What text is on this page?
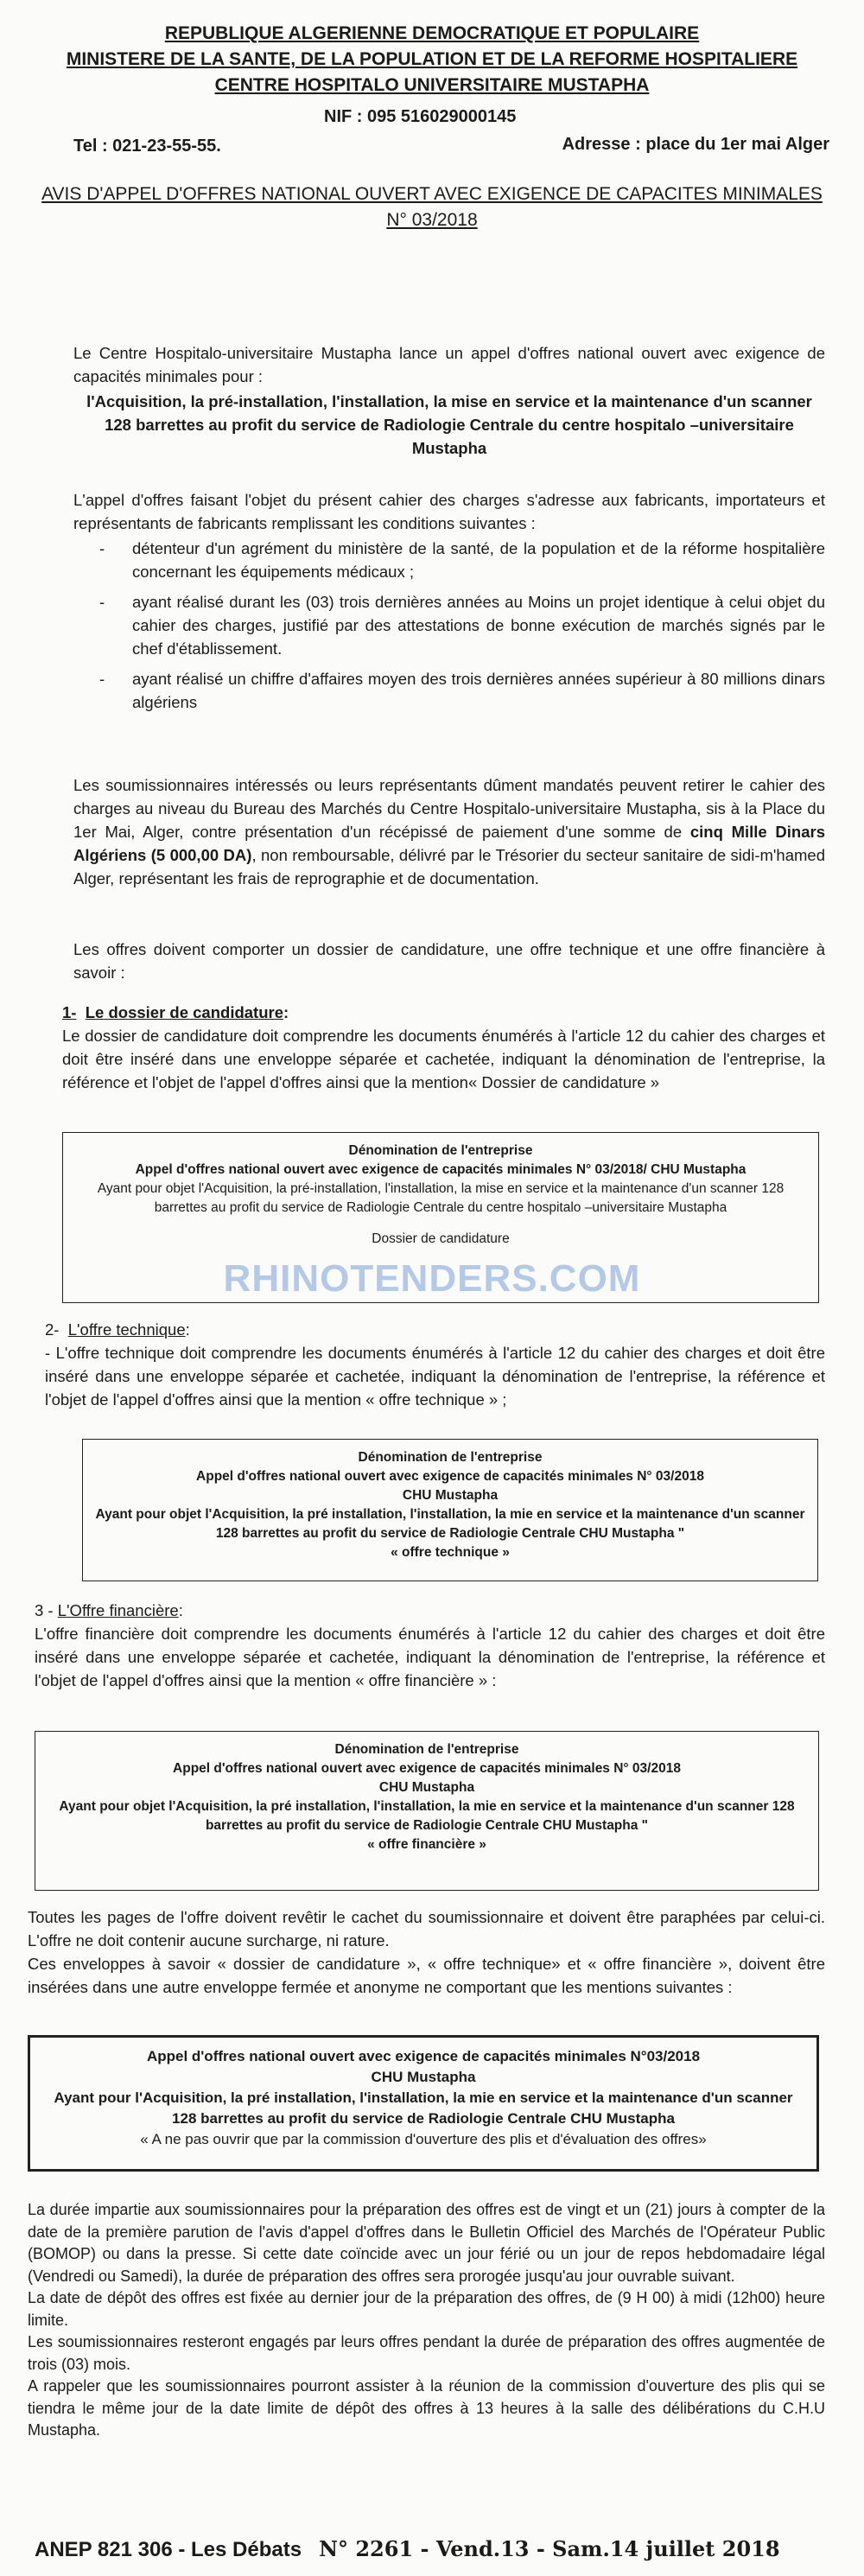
REPUBLIQUE ALGERIENNE DEMOCRATIQUE ET POPULAIRE
MINISTERE DE LA SANTE, DE LA POPULATION ET DE LA REFORME HOSPITALIERE
CENTRE HOSPITALO UNIVERSITAIRE MUSTAPHA
NIF : 095 516029000145
Tel : 021-23-55-55.	Adresse : place du 1er mai Alger
AVIS D'APPEL D'OFFRES NATIONAL OUVERT AVEC EXIGENCE DE CAPACITES MINIMALES
N° 03/2018
Le Centre Hospitalo-universitaire Mustapha lance un appel d'offres national ouvert avec exigence de capacités minimales pour :
l'Acquisition, la pré-installation, l'installation, la mise en service et la maintenance d'un scanner 128 barrettes au profit du service de Radiologie Centrale du centre hospitalo –universitaire Mustapha
L'appel d'offres faisant l'objet du présent cahier des charges s'adresse aux fabricants, importateurs et représentants de fabricants remplissant les conditions suivantes :
- détenteur d'un agrément du ministère de la santé, de la population et de la réforme hospitalière concernant les équipements médicaux ;
- ayant réalisé durant les (03) trois dernières années au Moins un projet identique à celui objet du cahier des charges, justifié par des attestations de bonne exécution de marchés signés par le chef d'établissement.
- ayant réalisé un chiffre d'affaires moyen des trois dernières années supérieur à 80 millions dinars algériens
Les soumissionnaires intéressés ou leurs représentants dûment mandatés peuvent retirer le cahier des charges au niveau du Bureau des Marchés du Centre Hospitalo-universitaire Mustapha, sis à la Place du 1er Mai, Alger, contre présentation d'un récépissé de paiement d'une somme de cinq Mille Dinars Algériens (5 000,00 DA), non remboursable, délivré par le Trésorier du secteur sanitaire de sidi-m'hamed Alger, représentant les frais de reprographie et de documentation.
Les offres doivent comporter un dossier de candidature, une offre technique et une offre financière à savoir :
1- Le dossier de candidature:
Le dossier de candidature doit comprendre les documents énumérés à l'article 12 du cahier des charges et doit être inséré dans une enveloppe séparée et cachetée, indiquant la dénomination de l'entreprise, la référence et l'objet de l'appel d'offres ainsi que la mention« Dossier de candidature »
Dénomination de l'entreprise
Appel d'offres national ouvert avec exigence de capacités minimales N° 03/2018/ CHU Mustapha
Ayant pour objet l'Acquisition, la pré-installation, l'installation, la mise en service et la maintenance d'un scanner 128 barrettes au profit du service de Radiologie Centrale du centre hospitalo –universitaire Mustapha
Dossier de candidature
2- L'offre technique:
- L'offre technique doit comprendre les documents énumérés à l'article 12 du cahier des charges et doit être inséré dans une enveloppe séparée et cachetée, indiquant la dénomination de l'entreprise, la référence et l'objet de l'appel d'offres ainsi que la mention « offre technique » ;
Dénomination de l'entreprise
Appel d'offres national ouvert avec exigence de capacités minimales N° 03/2018
CHU Mustapha
Ayant pour objet l'Acquisition, la pré installation, l'installation, la mie en service et la maintenance d'un scanner 128 barrettes au profit du service de Radiologie Centrale CHU Mustapha "
« offre technique »
3 - L'Offre financière:
L'offre financière doit comprendre les documents énumérés à l'article 12 du cahier des charges et doit être inséré dans une enveloppe séparée et cachetée, indiquant la dénomination de l'entreprise, la référence et l'objet de l'appel d'offres ainsi que la mention « offre financière » :
Dénomination de l'entreprise
Appel d'offres national ouvert avec exigence de capacités minimales N° 03/2018
CHU Mustapha
Ayant pour objet l'Acquisition, la pré installation, l'installation, la mie en service et la maintenance d'un scanner 128 barrettes au profit du service de Radiologie Centrale CHU Mustapha "
« offre financière »
Toutes les pages de l'offre doivent revêtir le cachet du soumissionnaire et doivent être paraphées par celui-ci. L'offre ne doit contenir aucune surcharge, ni rature.
Ces enveloppes à savoir « dossier de candidature », « offre technique» et « offre financière », doivent être insérées dans une autre enveloppe fermée et anonyme ne comportant que les mentions suivantes :
Appel d'offres national ouvert avec exigence de capacités minimales N°03/2018
CHU Mustapha
Ayant pour l'Acquisition, la pré installation, l'installation, la mie en service et la maintenance d'un scanner 128 barrettes au profit du service de Radiologie Centrale CHU Mustapha
« A ne pas ouvrir que par la commission d'ouverture des plis et d'évaluation des offres»
La durée impartie aux soumissionnaires pour la préparation des offres est de vingt et un (21) jours à compter de la date de la première parution de l'avis d'appel d'offres dans le Bulletin Officiel des Marchés de l'Opérateur Public (BOMOP) ou dans la presse. Si cette date coïncide avec un jour férié ou un jour de repos hebdomadaire légal (Vendredi ou Samedi), la durée de préparation des offres sera prorogée jusqu'au jour ouvrable suivant.
La date de dépôt des offres est fixée au dernier jour de la préparation des offres, de (9 H 00) à midi (12h00) heure limite.
Les soumissionnaires resteront engagés par leurs offres pendant la durée de préparation des offres augmentée de trois (03) mois.
A rappeler que les soumissionnaires pourront assister à la réunion de la commission d'ouverture des plis qui se tiendra le même jour de la date limite de dépôt des offres à 13 heures à la salle des délibérations du C.H.U Mustapha.
RHINOTENDERS.COM
ANEP 821 306 - Les Débats N° 2261 - Vend.13 - Sam.14 juillet 2018
